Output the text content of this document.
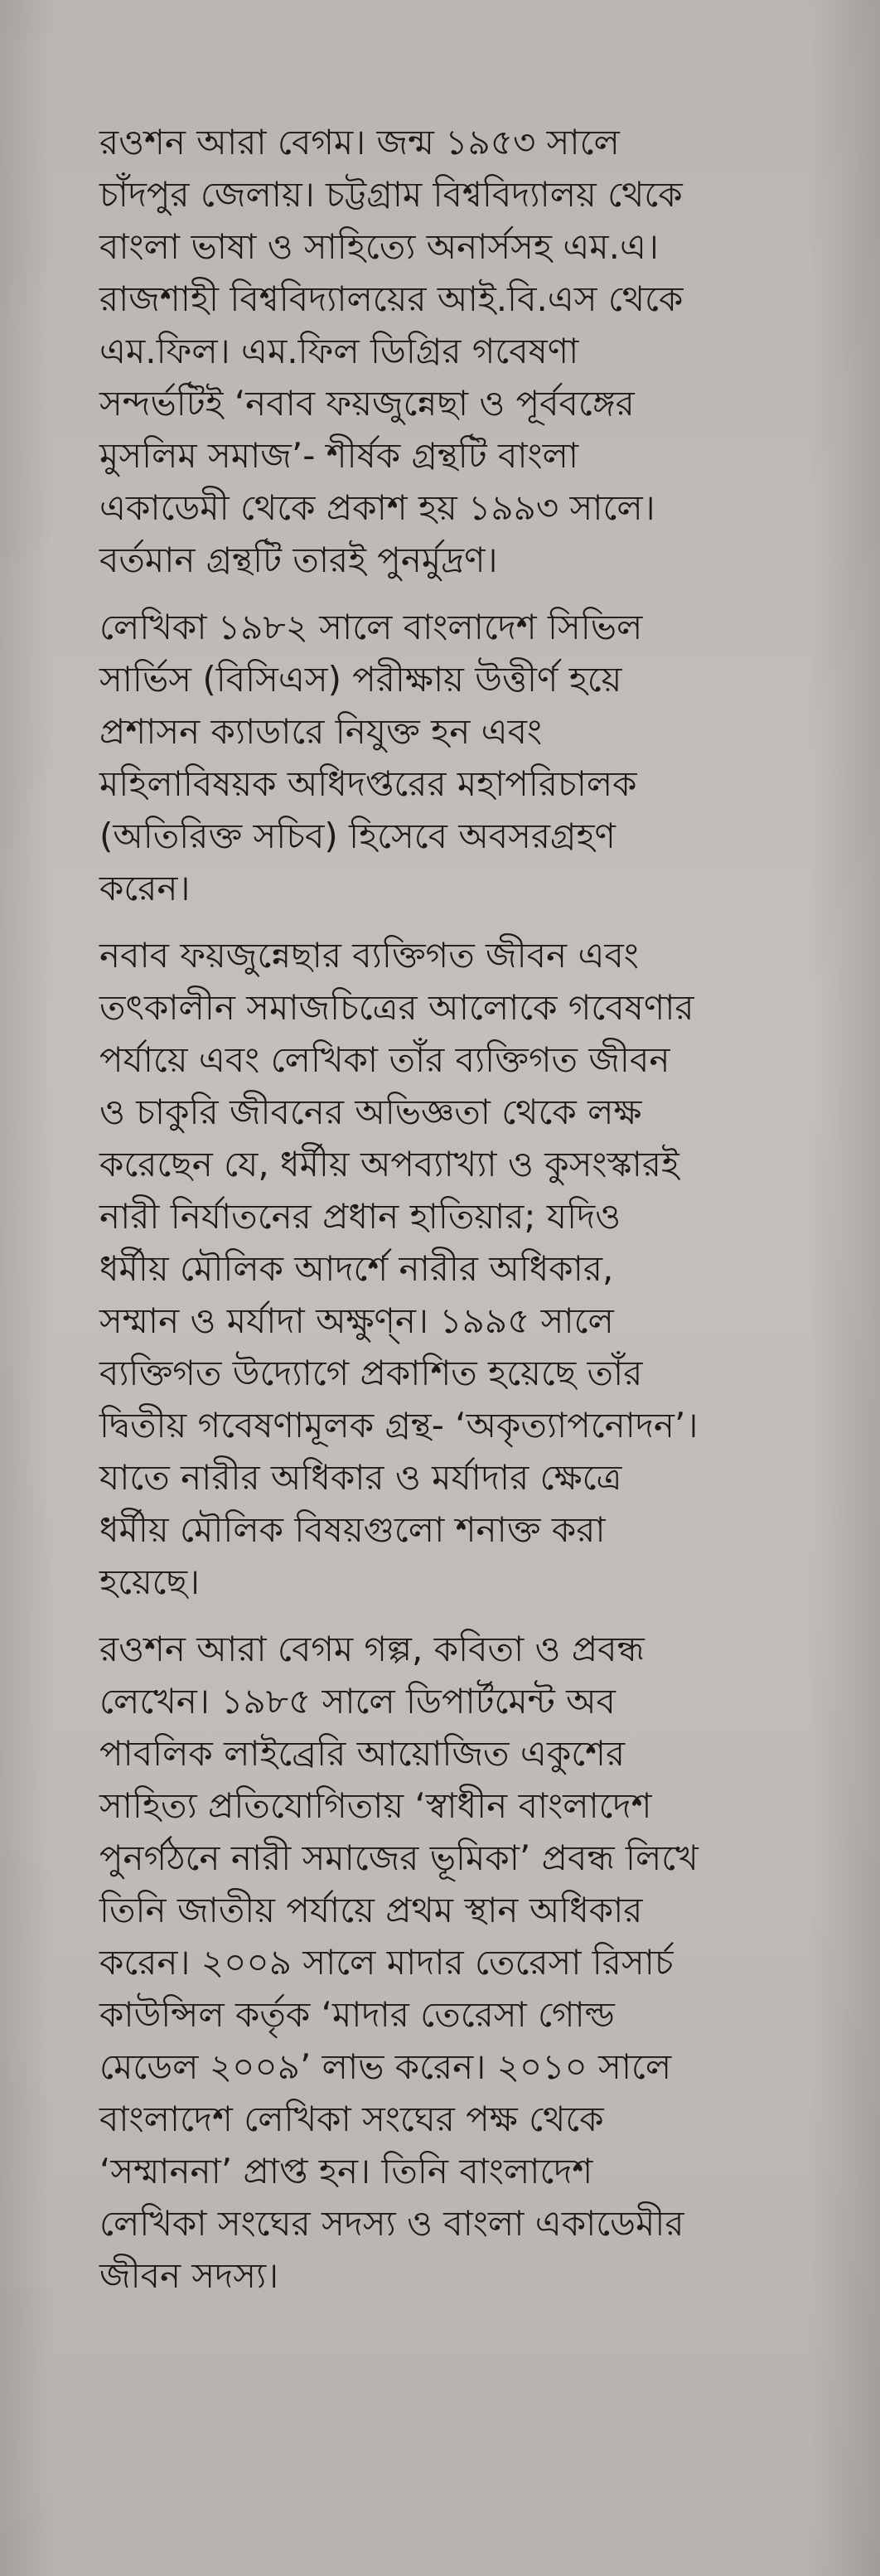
রওশন আরা বেগম। জন্ম ১৯৫৩ সালে
চাঁদপুর জেলায়। চট্টগ্রাম বিশ্ববিদ্যালয় থেকে
বাংলা ভাষা ও সাহিত্যে অনার্সসহ এম.এ।
রাজশাহী বিশ্ববিদ্যালয়ের আই.বি.এস থেকে
এম.ফিল। এম.ফিল ডিগ্রির গবেষণা
সন্দর্ভটিই ‘নবাব ফয়জুন্নেছা ও পূর্ববঙ্গের
মুসলিম সমাজ’- শীর্ষক গ্রন্থটি বাংলা
একাডেমী থেকে প্রকাশ হয় ১৯৯৩ সালে।
বর্তমান গ্রন্থটি তারই পুনর্মুদ্রণ।

লেখিকা ১৯৮২ সালে বাংলাদেশ সিভিল
সার্ভিস (বিসিএস) পরীক্ষায় উত্তীর্ণ হয়ে
প্রশাসন ক্যাডারে নিযুক্ত হন এবং
মহিলাবিষয়ক অধিদপ্তরের মহাপরিচালক
(অতিরিক্ত সচিব) হিসেবে অবসরগ্রহণ
করেন।

নবাব ফয়জুন্নেছার ব্যক্তিগত জীবন এবং
তৎকালীন সমাজচিত্রের আলোকে গবেষণার
পর্যায়ে এবং লেখিকা তাঁর ব্যক্তিগত জীবন
ও চাকুরি জীবনের অভিজ্ঞতা থেকে লক্ষ
করেছেন যে, ধর্মীয় অপব্যাখ্যা ও কুসংস্কারই
নারী নির্যাতনের প্রধান হাতিয়ার; যদিও
ধর্মীয় মৌলিক আদর্শে নারীর অধিকার,
সম্মান ও মর্যাদা অক্ষুণ্ন। ১৯৯৫ সালে
ব্যক্তিগত উদ্যোগে প্রকাশিত হয়েছে তাঁর
দ্বিতীয় গবেষণামূলক গ্রন্থ- ‘অকৃত্যাপনোদন’।
যাতে নারীর অধিকার ও মর্যাদার ক্ষেত্রে
ধর্মীয় মৌলিক বিষয়গুলো শনাক্ত করা
হয়েছে।

রওশন আরা বেগম গল্প, কবিতা ও প্রবন্ধ
লেখেন। ১৯৮৫ সালে ডিপার্টমেন্ট অব
পাবলিক লাইব্রেরি আয়োজিত একুশের
সাহিত্য প্রতিযোগিতায় ‘স্বাধীন বাংলাদেশ
পুনর্গঠনে নারী সমাজের ভূমিকা’ প্রবন্ধ লিখে
তিনি জাতীয় পর্যায়ে প্রথম স্থান অধিকার
করেন। ২০০৯ সালে মাদার তেরেসা রিসার্চ
কাউন্সিল কর্তৃক ‘মাদার তেরেসা গোল্ড
মেডেল ২০০৯’ লাভ করেন। ২০১০ সালে
বাংলাদেশ লেখিকা সংঘের পক্ষ থেকে
‘সম্মাননা’ প্রাপ্ত হন। তিনি বাংলাদেশ
লেখিকা সংঘের সদস্য ও বাংলা একাডেমীর
জীবন সদস্য।
